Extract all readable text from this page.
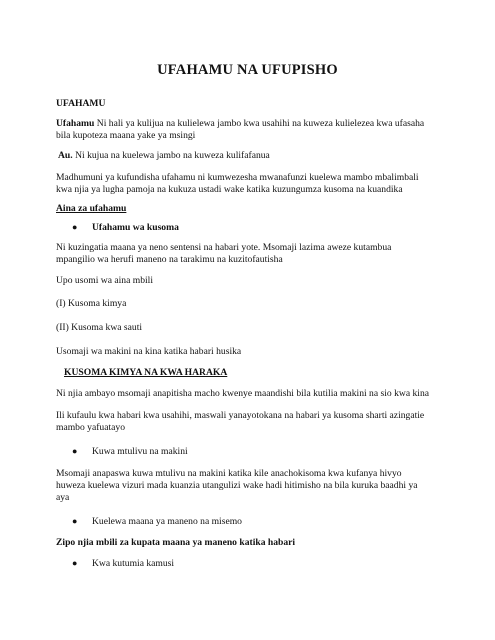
UFAHAMU NA UFUPISHO
UFAHAMU
Ufahamu Ni hali ya kulijua na kulielewa jambo kwa usahihi na kuweza kulielezea kwa ufasaha
bila kupoteza maana yake ya msingi
Au. Ni kujua na kuelewa jambo na kuweza kulifafanua
Madhumuni ya kufundisha ufahamu ni kumwezesha mwanafunzi kuelewa mambo mbalimbali
kwa njia ya lugha pamoja na kukuza ustadi wake katika kuzungumza kusoma na kuandika
Aina za ufahamu
● Ufahamu wa kusoma
Ni kuzingatia maana ya neno sentensi na habari yote. Msomaji lazima aweze kutambua
mpangilio wa herufi maneno na tarakimu na kuzitofautisha
Upo usomi wa aina mbili
(I) Kusoma kimya
(II) Kusoma kwa sauti
Usomaji wa makini na kina katika habari husika
KUSOMA KIMYA NA KWA HARAKA
Ni njia ambayo msomaji anapitisha macho kwenye maandishi bila kutilia makini na sio kwa kina
Ili kufaulu kwa habari kwa usahihi, maswali yanayotokana na habari ya kusoma sharti azingatie
mambo yafuatayo
● Kuwa mtulivu na makini
Msomaji anapaswa kuwa mtulivu na makini katika kile anachokisoma kwa kufanya hivyo
huweza kuelewa vizuri mada kuanzia utangulizi wake hadi hitimisho na bila kuruka baadhi ya
aya
● Kuelewa maana ya maneno na misemo
Zipo njia mbili za kupata maana ya maneno katika habari
● Kwa kutumia kamusi
